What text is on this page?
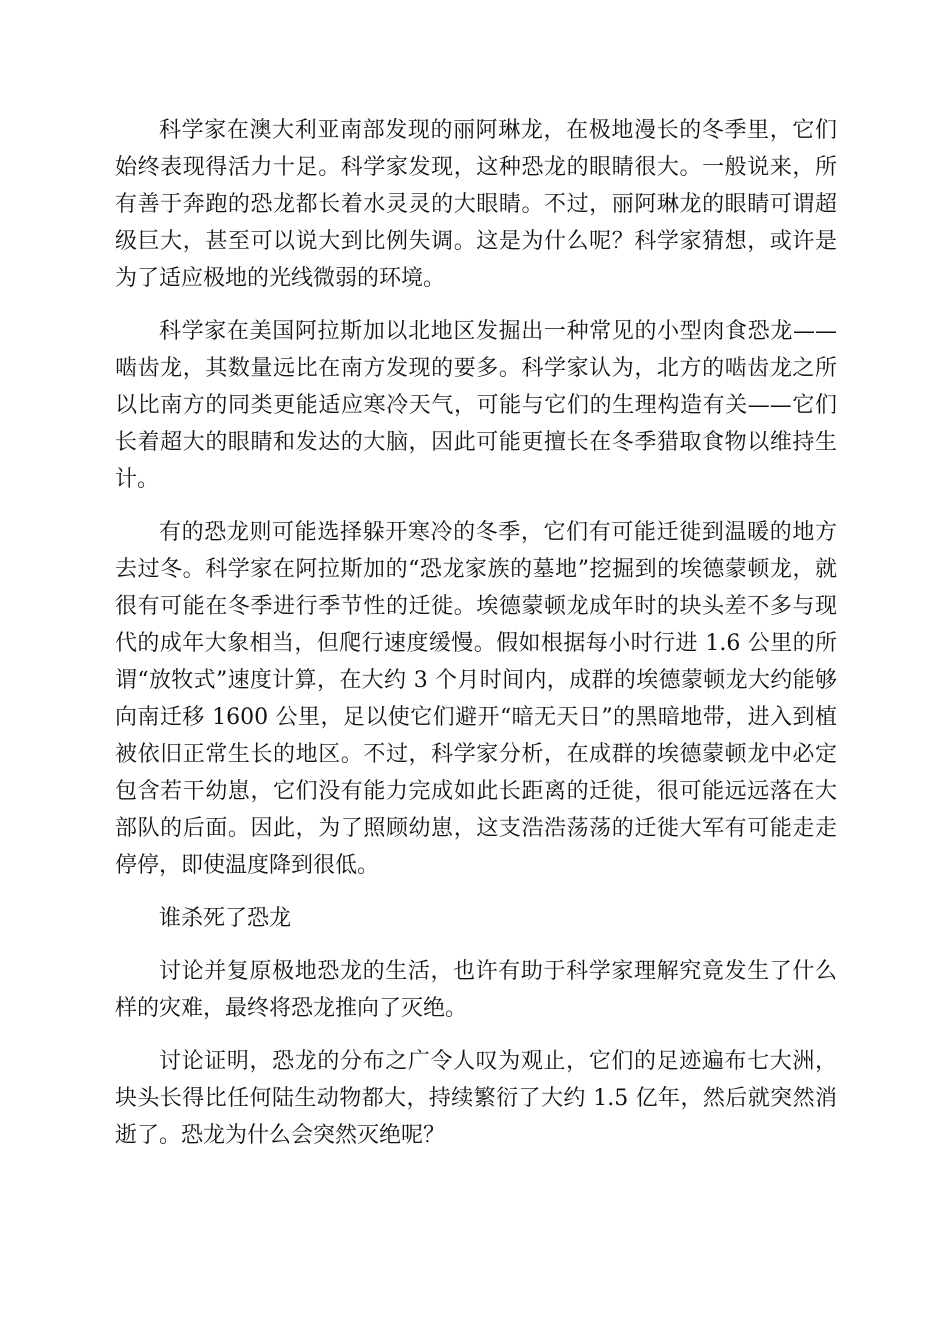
科学家在澳大利亚南部发现的丽阿琳龙，在极地漫长的冬季里，它们始终表现得活力十足。科学家发现，这种恐龙的眼睛很大。一般说来，所有善于奔跑的恐龙都长着水灵灵的大眼睛。不过，丽阿琳龙的眼睛可谓超级巨大，甚至可以说大到比例失调。这是为什么呢？科学家猜想，或许是为了适应极地的光线微弱的环境。

科学家在美国阿拉斯加以北地区发掘出一种常见的小型肉食恐龙——啮齿龙，其数量远比在南方发现的要多。科学家认为，北方的啮齿龙之所以比南方的同类更能适应寒冷天气，可能与它们的生理构造有关——它们长着超大的眼睛和发达的大脑，因此可能更擅长在冬季猎取食物以维持生计。

有的恐龙则可能选择躲开寒冷的冬季，它们有可能迁徙到温暖的地方去过冬。科学家在阿拉斯加的“恐龙家族的墓地”挖掘到的埃德蒙顿龙，就很有可能在冬季进行季节性的迁徙。埃德蒙顿龙成年时的块头差不多与现代的成年大象相当，但爬行速度缓慢。假如根据每小时行进 1.6 公里的所谓“放牧式”速度计算，在大约 3 个月时间内，成群的埃德蒙顿龙大约能够向南迁移 1600 公里，足以使它们避开“暗无天日”的黑暗地带，进入到植被依旧正常生长的地区。不过，科学家分析，在成群的埃德蒙顿龙中必定包含若干幼崽，它们没有能力完成如此长距离的迁徙，很可能远远落在大部队的后面。因此，为了照顾幼崽，这支浩浩荡荡的迁徙大军有可能走走停停，即使温度降到很低。

谁杀死了恐龙

讨论并复原极地恐龙的生活，也许有助于科学家理解究竟发生了什么样的灾难，最终将恐龙推向了灭绝。

讨论证明，恐龙的分布之广令人叹为观止，它们的足迹遍布七大洲，块头长得比任何陆生动物都大，持续繁衍了大约 1.5 亿年，然后就突然消逝了。恐龙为什么会突然灭绝呢？
